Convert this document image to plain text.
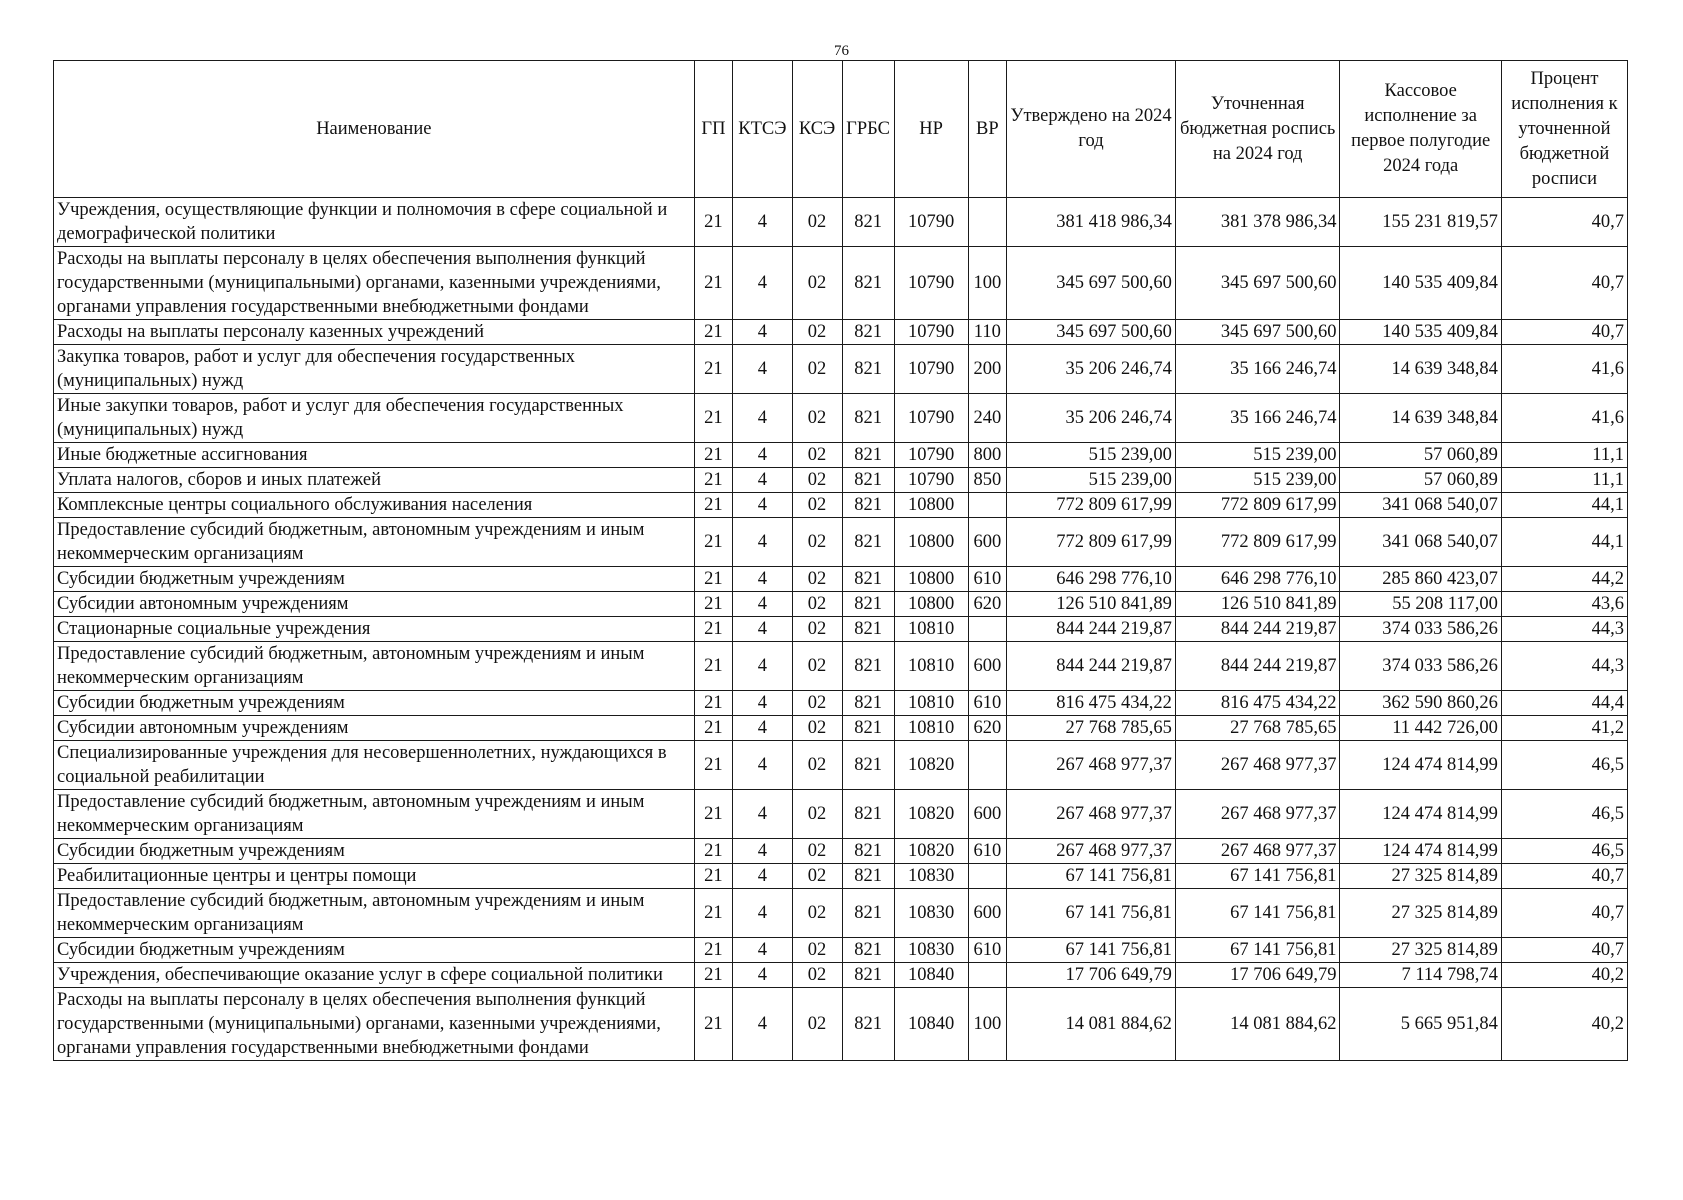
76
Наименование	ГП	КТСЭ	КСЭ	ГРБС	НР	ВР	Утверждено на 2024 год	Уточненная бюджетная роспись на 2024 год	Кассовое исполнение за первое полугодие 2024 года	Процент исполнения к уточненной бюджетной росписи
Учреждения, осуществляющие функции и полномочия в сфере социальной и демографической политики	21	4	02	821	10790		381 418 986,34	381 378 986,34	155 231 819,57	40,7
Расходы на выплаты персоналу в целях обеспечения выполнения функций государственными (муниципальными) органами, казенными учреждениями, органами управления государственными внебюджетными фондами	21	4	02	821	10790	100	345 697 500,60	345 697 500,60	140 535 409,84	40,7
Расходы на выплаты персоналу казенных учреждений	21	4	02	821	10790	110	345 697 500,60	345 697 500,60	140 535 409,84	40,7
Закупка товаров, работ и услуг для обеспечения государственных (муниципальных) нужд	21	4	02	821	10790	200	35 206 246,74	35 166 246,74	14 639 348,84	41,6
Иные закупки товаров, работ и услуг для обеспечения государственных (муниципальных) нужд	21	4	02	821	10790	240	35 206 246,74	35 166 246,74	14 639 348,84	41,6
Иные бюджетные ассигнования	21	4	02	821	10790	800	515 239,00	515 239,00	57 060,89	11,1
Уплата налогов, сборов и иных платежей	21	4	02	821	10790	850	515 239,00	515 239,00	57 060,89	11,1
Комплексные центры социального обслуживания населения	21	4	02	821	10800		772 809 617,99	772 809 617,99	341 068 540,07	44,1
Предоставление субсидий бюджетным, автономным учреждениям и иным некоммерческим организациям	21	4	02	821	10800	600	772 809 617,99	772 809 617,99	341 068 540,07	44,1
Субсидии бюджетным учреждениям	21	4	02	821	10800	610	646 298 776,10	646 298 776,10	285 860 423,07	44,2
Субсидии автономным учреждениям	21	4	02	821	10800	620	126 510 841,89	126 510 841,89	55 208 117,00	43,6
Стационарные социальные учреждения	21	4	02	821	10810		844 244 219,87	844 244 219,87	374 033 586,26	44,3
Предоставление субсидий бюджетным, автономным учреждениям и иным некоммерческим организациям	21	4	02	821	10810	600	844 244 219,87	844 244 219,87	374 033 586,26	44,3
Субсидии бюджетным учреждениям	21	4	02	821	10810	610	816 475 434,22	816 475 434,22	362 590 860,26	44,4
Субсидии автономным учреждениям	21	4	02	821	10810	620	27 768 785,65	27 768 785,65	11 442 726,00	41,2
Специализированные учреждения для несовершеннолетних, нуждающихся в социальной реабилитации	21	4	02	821	10820		267 468 977,37	267 468 977,37	124 474 814,99	46,5
Предоставление субсидий бюджетным, автономным учреждениям и иным некоммерческим организациям	21	4	02	821	10820	600	267 468 977,37	267 468 977,37	124 474 814,99	46,5
Субсидии бюджетным учреждениям	21	4	02	821	10820	610	267 468 977,37	267 468 977,37	124 474 814,99	46,5
Реабилитационные центры и центры помощи	21	4	02	821	10830		67 141 756,81	67 141 756,81	27 325 814,89	40,7
Предоставление субсидий бюджетным, автономным учреждениям и иным некоммерческим организациям	21	4	02	821	10830	600	67 141 756,81	67 141 756,81	27 325 814,89	40,7
Субсидии бюджетным учреждениям	21	4	02	821	10830	610	67 141 756,81	67 141 756,81	27 325 814,89	40,7
Учреждения, обеспечивающие оказание услуг в сфере социальной политики	21	4	02	821	10840		17 706 649,79	17 706 649,79	7 114 798,74	40,2
Расходы на выплаты персоналу в целях обеспечения выполнения функций государственными (муниципальными) органами, казенными учреждениями, органами управления государственными внебюджетными фондами	21	4	02	821	10840	100	14 081 884,62	14 081 884,62	5 665 951,84	40,2
